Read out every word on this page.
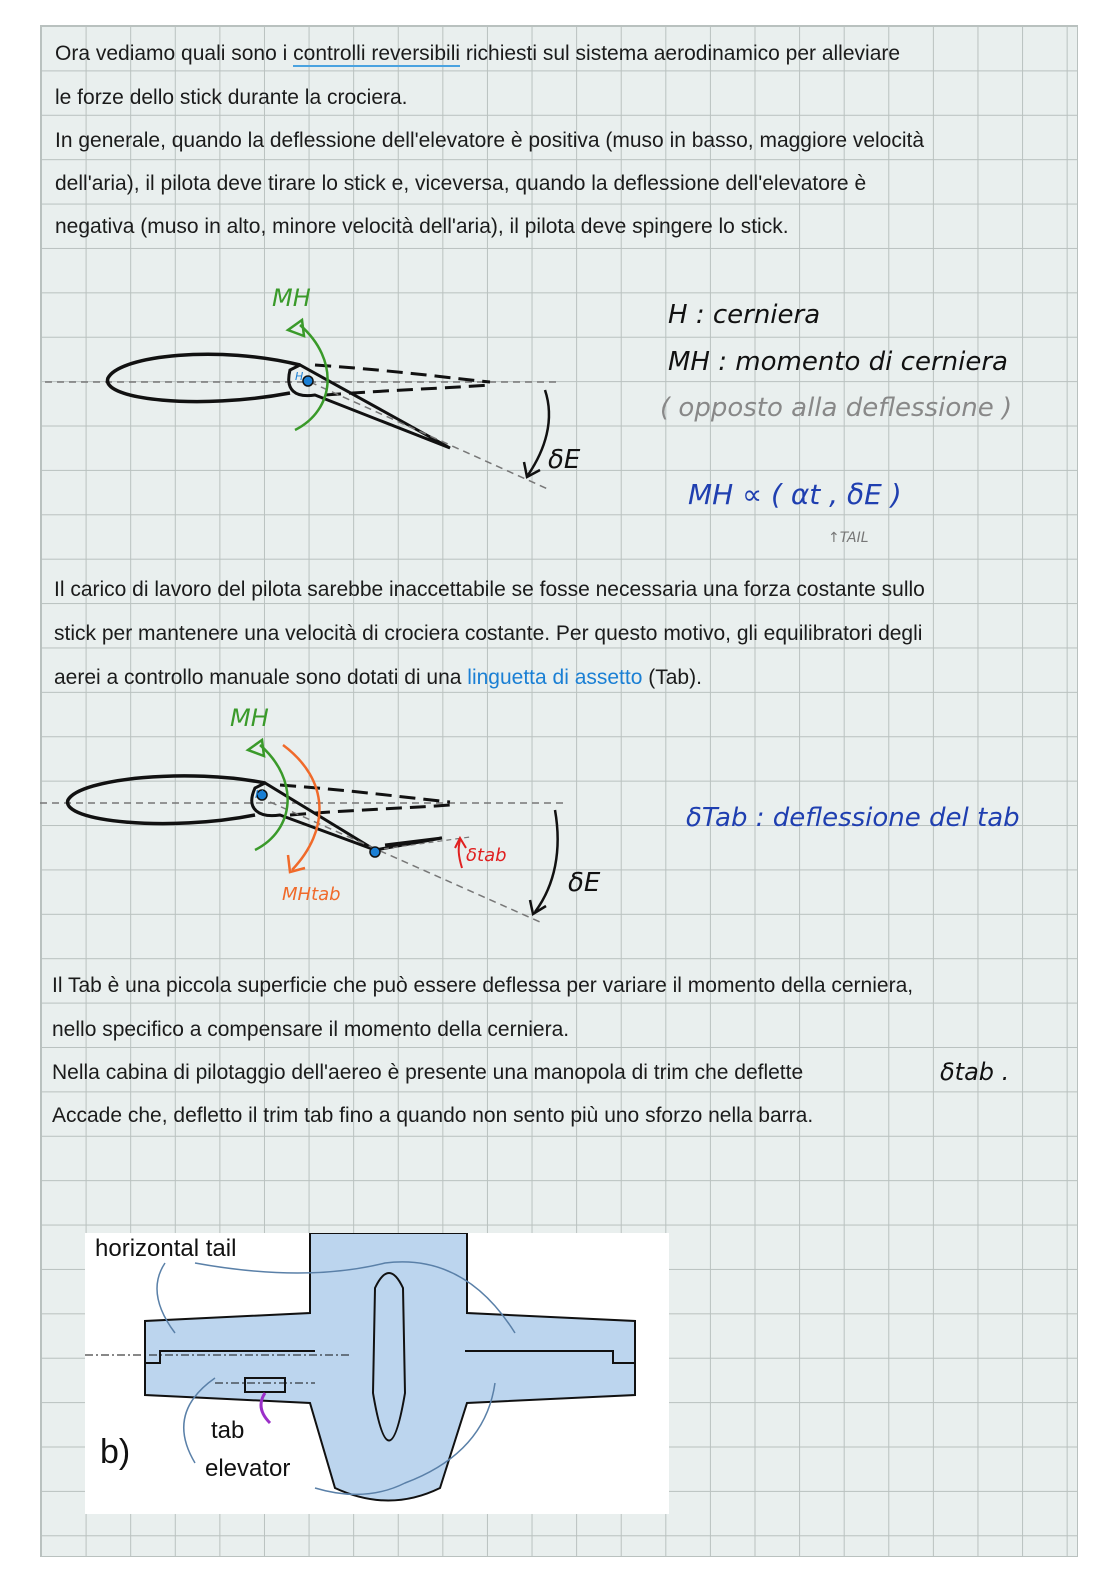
Ora vediamo quali sono i controlli reversibili richiesti sul sistema aerodinamico per alleviare
le forze dello stick durante la crociera.
In generale, quando la deflessione dell'elevatore è positiva (muso in basso, maggiore velocità
dell'aria), il pilota deve tirare lo stick e, viceversa, quando la deflessione dell'elevatore è
negativa (muso in alto, minore velocità dell'aria), il pilota deve spingere lo stick.
MH
H
δE
H : cerniera
MH : momento di cerniera
( opposto alla deflessione )
MH ∝ ( αt , δE )
↑TAIL
Il carico di lavoro del pilota sarebbe inaccettabile se fosse necessaria una forza costante sullo
stick per mantenere una velocità di crociera costante. Per questo motivo, gli equilibratori degli
aerei a controllo manuale sono dotati di una linguetta di assetto (Tab).
MH
H
MHtab
δtab
δE
δTab : deflessione del tab
Il Tab è una piccola superficie che può essere deflessa per variare il momento della cerniera,
nello specifico a compensare il momento della cerniera.
Nella cabina di pilotaggio dell'aereo è presente una manopola di trim che deflette	δtab .
Accade che, defletto il trim tab fino a quando non sento più uno sforzo nella barra.
horizontal tail
tab
elevator
b)
